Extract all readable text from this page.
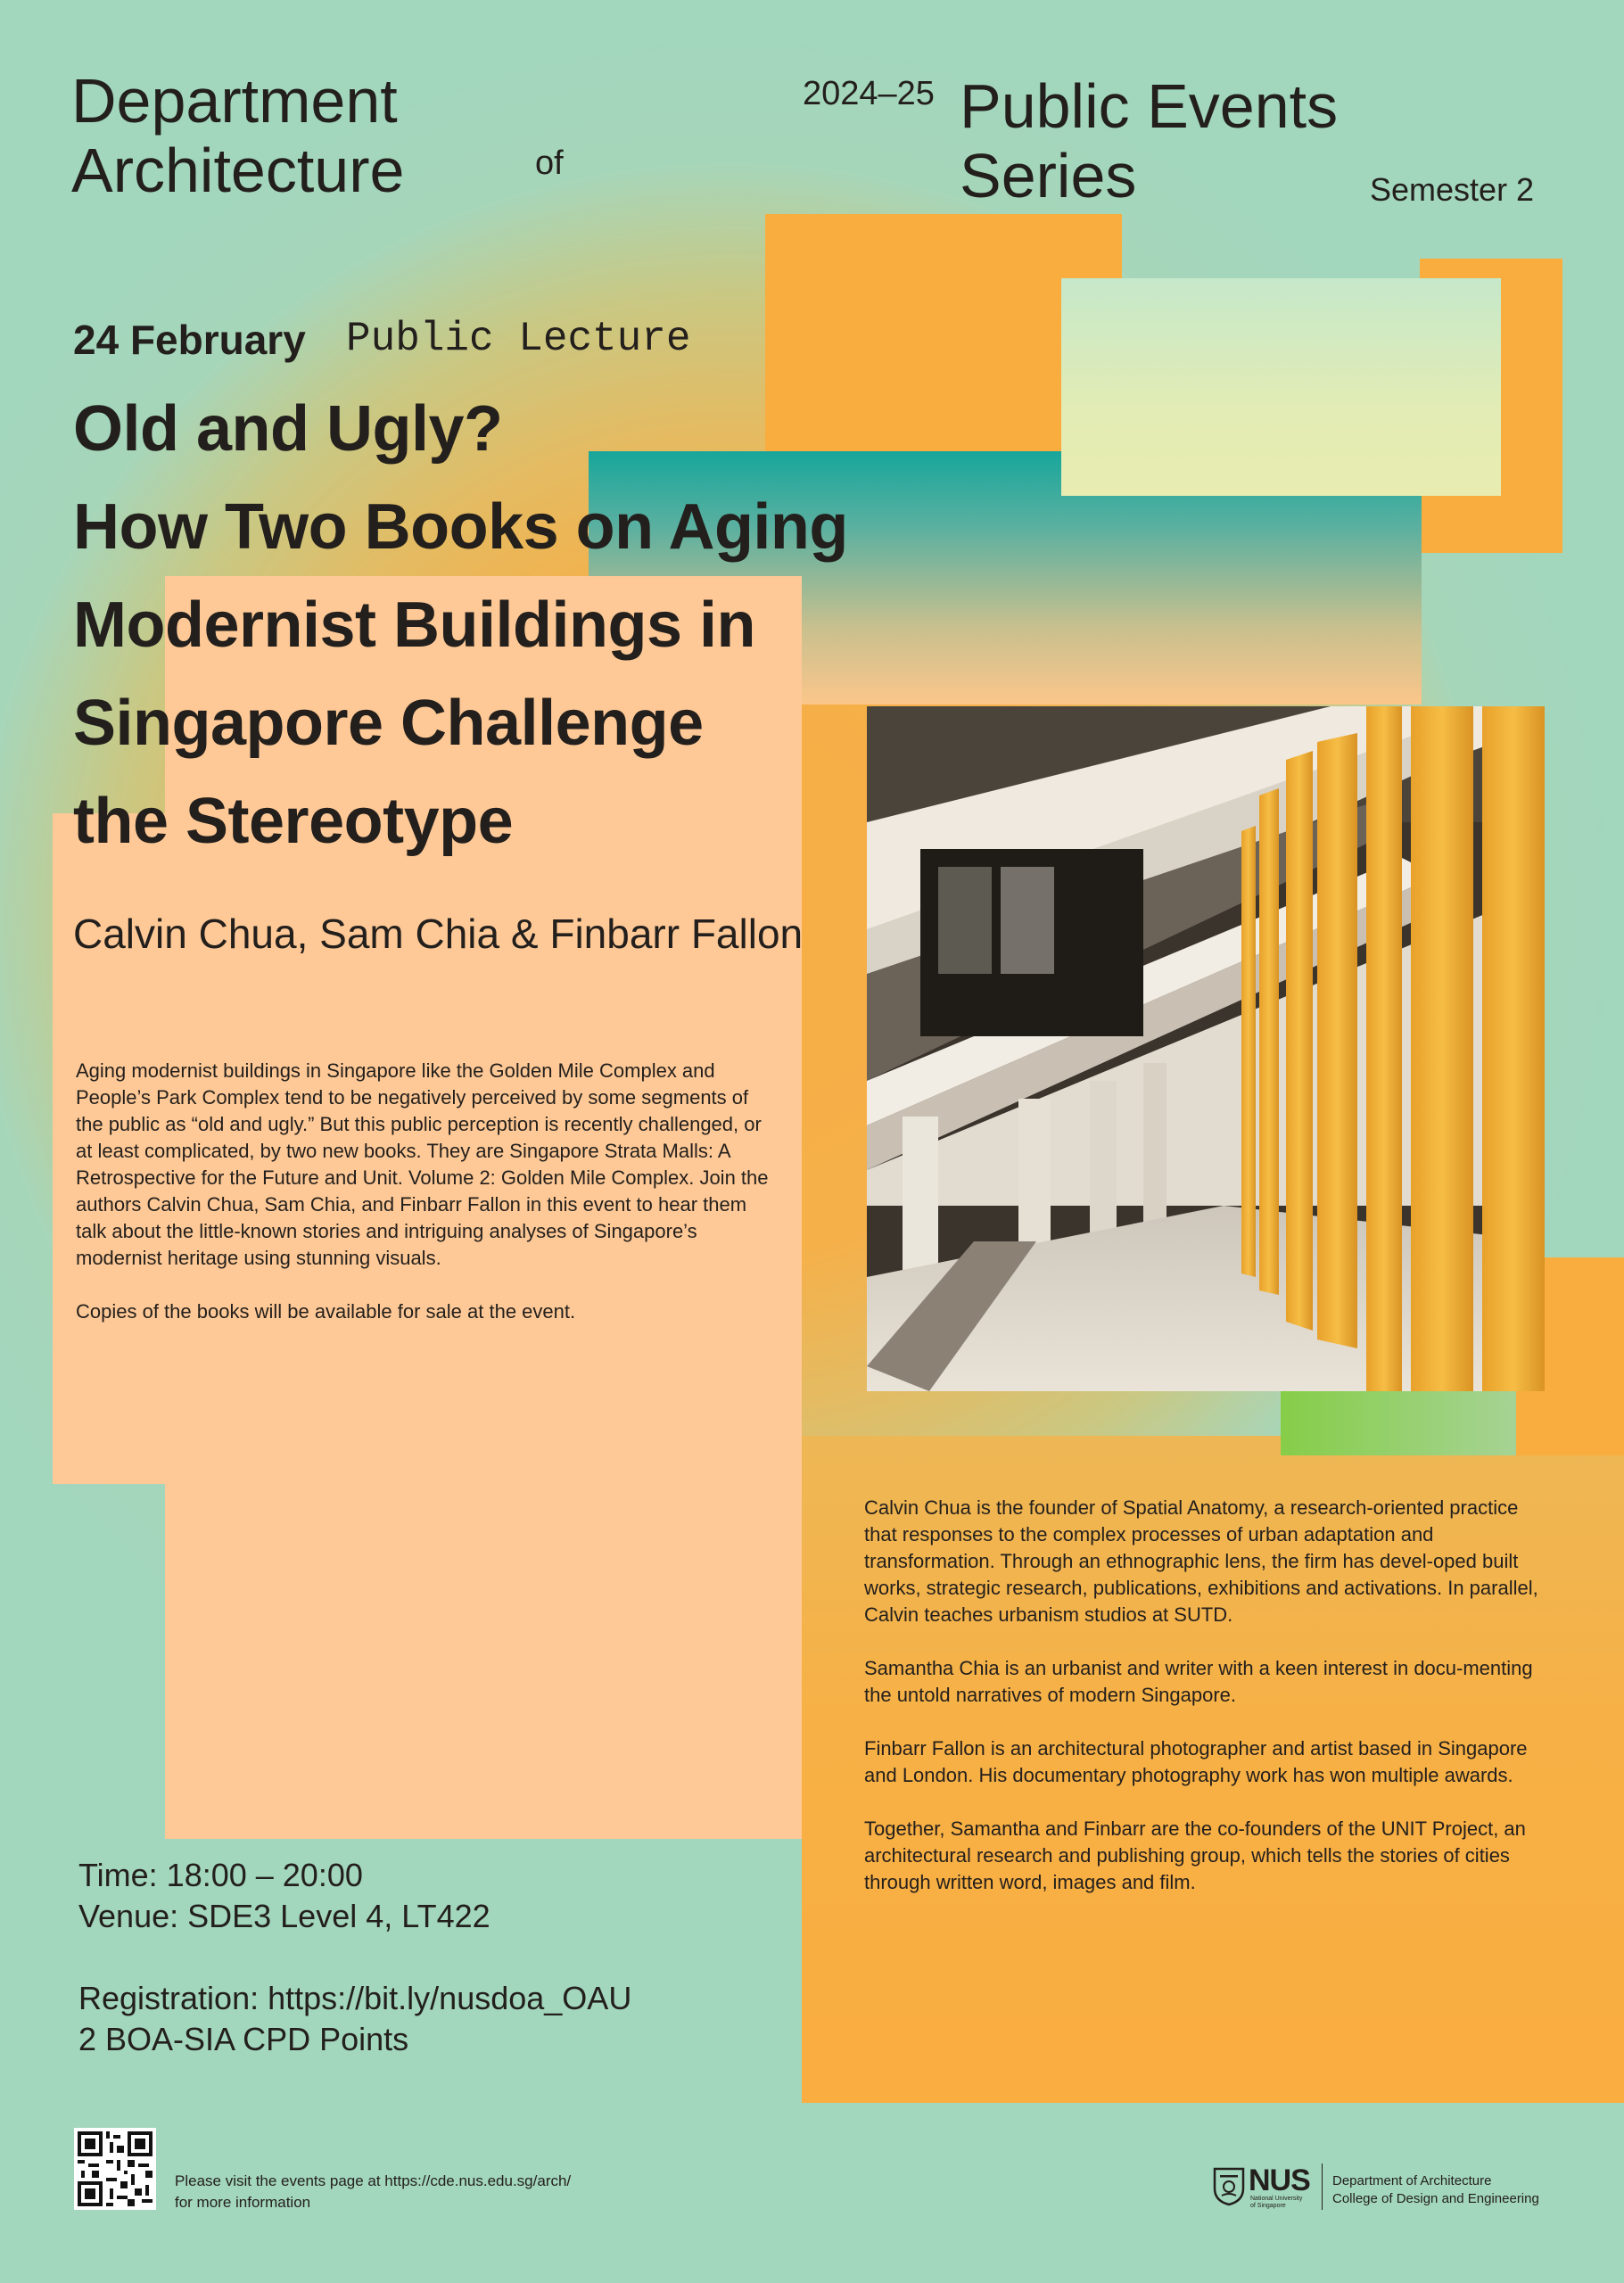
Department
Architecture	of
2024–25 Public Events
Series	Semester 2
24 February Public Lecture
Old and Ugly?
How Two Books on Aging
Modernist Buildings in
Singapore Challenge
the Stereotype
Calvin Chua, Sam Chia & Finbarr Fallon

Aging modernist buildings in Singapore like the Golden Mile Complex and People’s Park Complex tend to be negatively perceived by some segments of the public as “old and ugly.” But this public perception is recently challenged, or at least complicated, by two new books. They are Singapore Strata Malls: A Retrospective for the Future and Unit. Volume 2: Golden Mile Complex. Join the authors Calvin Chua, Sam Chia, and Finbarr Fallon in this event to hear them talk about the little-known stories and intriguing analyses of Singapore’s modernist heritage using stunning visuals.

Copies of the books will be available for sale at the event.

Calvin Chua is the founder of Spatial Anatomy, a research-oriented practice that responses to the complex processes of urban adaptation and transformation. Through an ethnographic lens, the firm has devel-oped built works, strategic research, publications, exhibitions and activations. In parallel, Calvin teaches urbanism studios at SUTD.

Samantha Chia is an urbanist and writer with a keen interest in docu-menting the untold narratives of modern Singapore.

Finbarr Fallon is an architectural photographer and artist based in Singapore and London. His documentary photography work has won multiple awards.

Together, Samantha and Finbarr are the co-founders of the UNIT Project, an architectural research and publishing group, which tells the stories of cities through written word, images and film.

Time: 18:00 – 20:00
Venue: SDE3 Level 4, LT422
Registration: https://bit.ly/nusdoa_OAU
2 BOA-SIA CPD Points
Please visit the events page at https://cde.nus.edu.sg/arch/
for more information
NUS
National University
of Singapore
Department of Architecture
College of Design and Engineering
